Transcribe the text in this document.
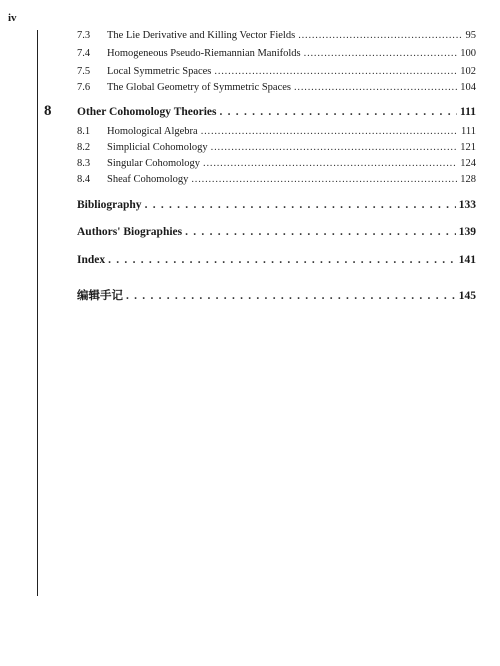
iv
7.3	The Lie Derivative and Killing Vector Fields .....	95
7.4	Homogeneous Pseudo-Riemannian Manifolds .....	100
7.5	Local Symmetric Spaces .....	102
7.6	The Global Geometry of Symmetric Spaces .....	104
8 Other Cohomology Theories . . .	111
8.1	Homological Algebra .....	111
8.2	Simplicial Cohomology .....	121
8.3	Singular Cohomology .....	124
8.4	Sheaf Cohomology .....	128
Bibliography . . .	133
Authors' Biographies . . .	139
Index . . .	141
编辑手记 . . .	145
